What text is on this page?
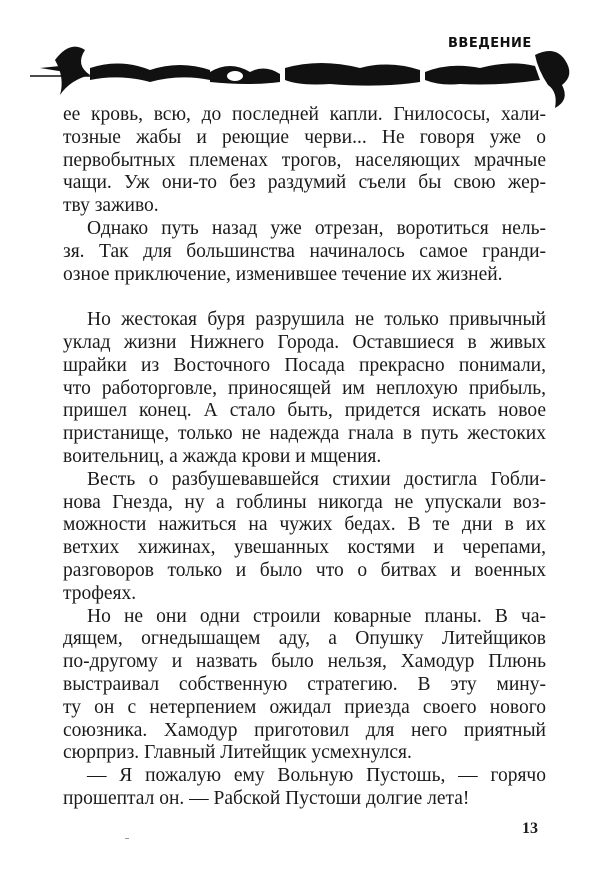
ВВЕДЕНИЕ
ее кровь, всю, до последней капли. Гнилососы, хали-
тозные жабы и реющие черви... Не говоря уже о
первобытных племенах трогов, населяющих мрачные
чащи. Уж они-то без раздумий съели бы свою жер-
тву заживо.
Однако путь назад уже отрезан, воротиться нель-
зя. Так для большинства начиналось самое гранди-
озное приключение, изменившее течение их жизней.
Но жестокая буря разрушила не только привычный
уклад жизни Нижнего Города. Оставшиеся в живых
шрайки из Восточного Посада прекрасно понимали,
что работорговле, приносящей им неплохую прибыль,
пришел конец. А стало быть, придется искать новое
пристанище, только не надежда гнала в путь жестоких
воительниц, а жажда крови и мщения.
Весть о разбушевавшейся стихии достигла Гобли-
нова Гнезда, ну а гоблины никогда не упускали воз-
можности нажиться на чужих бедах. В те дни в их
ветхих хижинах, увешанных костями и черепами,
разговоров только и было что о битвах и военных
трофеях.
Но не они одни строили коварные планы. В ча-
дящем, огнедышащем аду, а Опушку Литейщиков
по-другому и назвать было нельзя, Хамодур Плюнь
выстраивал собственную стратегию. В эту мину-
ту он с нетерпением ожидал приезда своего нового
союзника. Хамодур приготовил для него приятный
сюрприз. Главный Литейщик усмехнулся.
— Я пожалую ему Вольную Пустошь, — горячо
прошептал он. — Рабской Пустоши долгие лета!
13
